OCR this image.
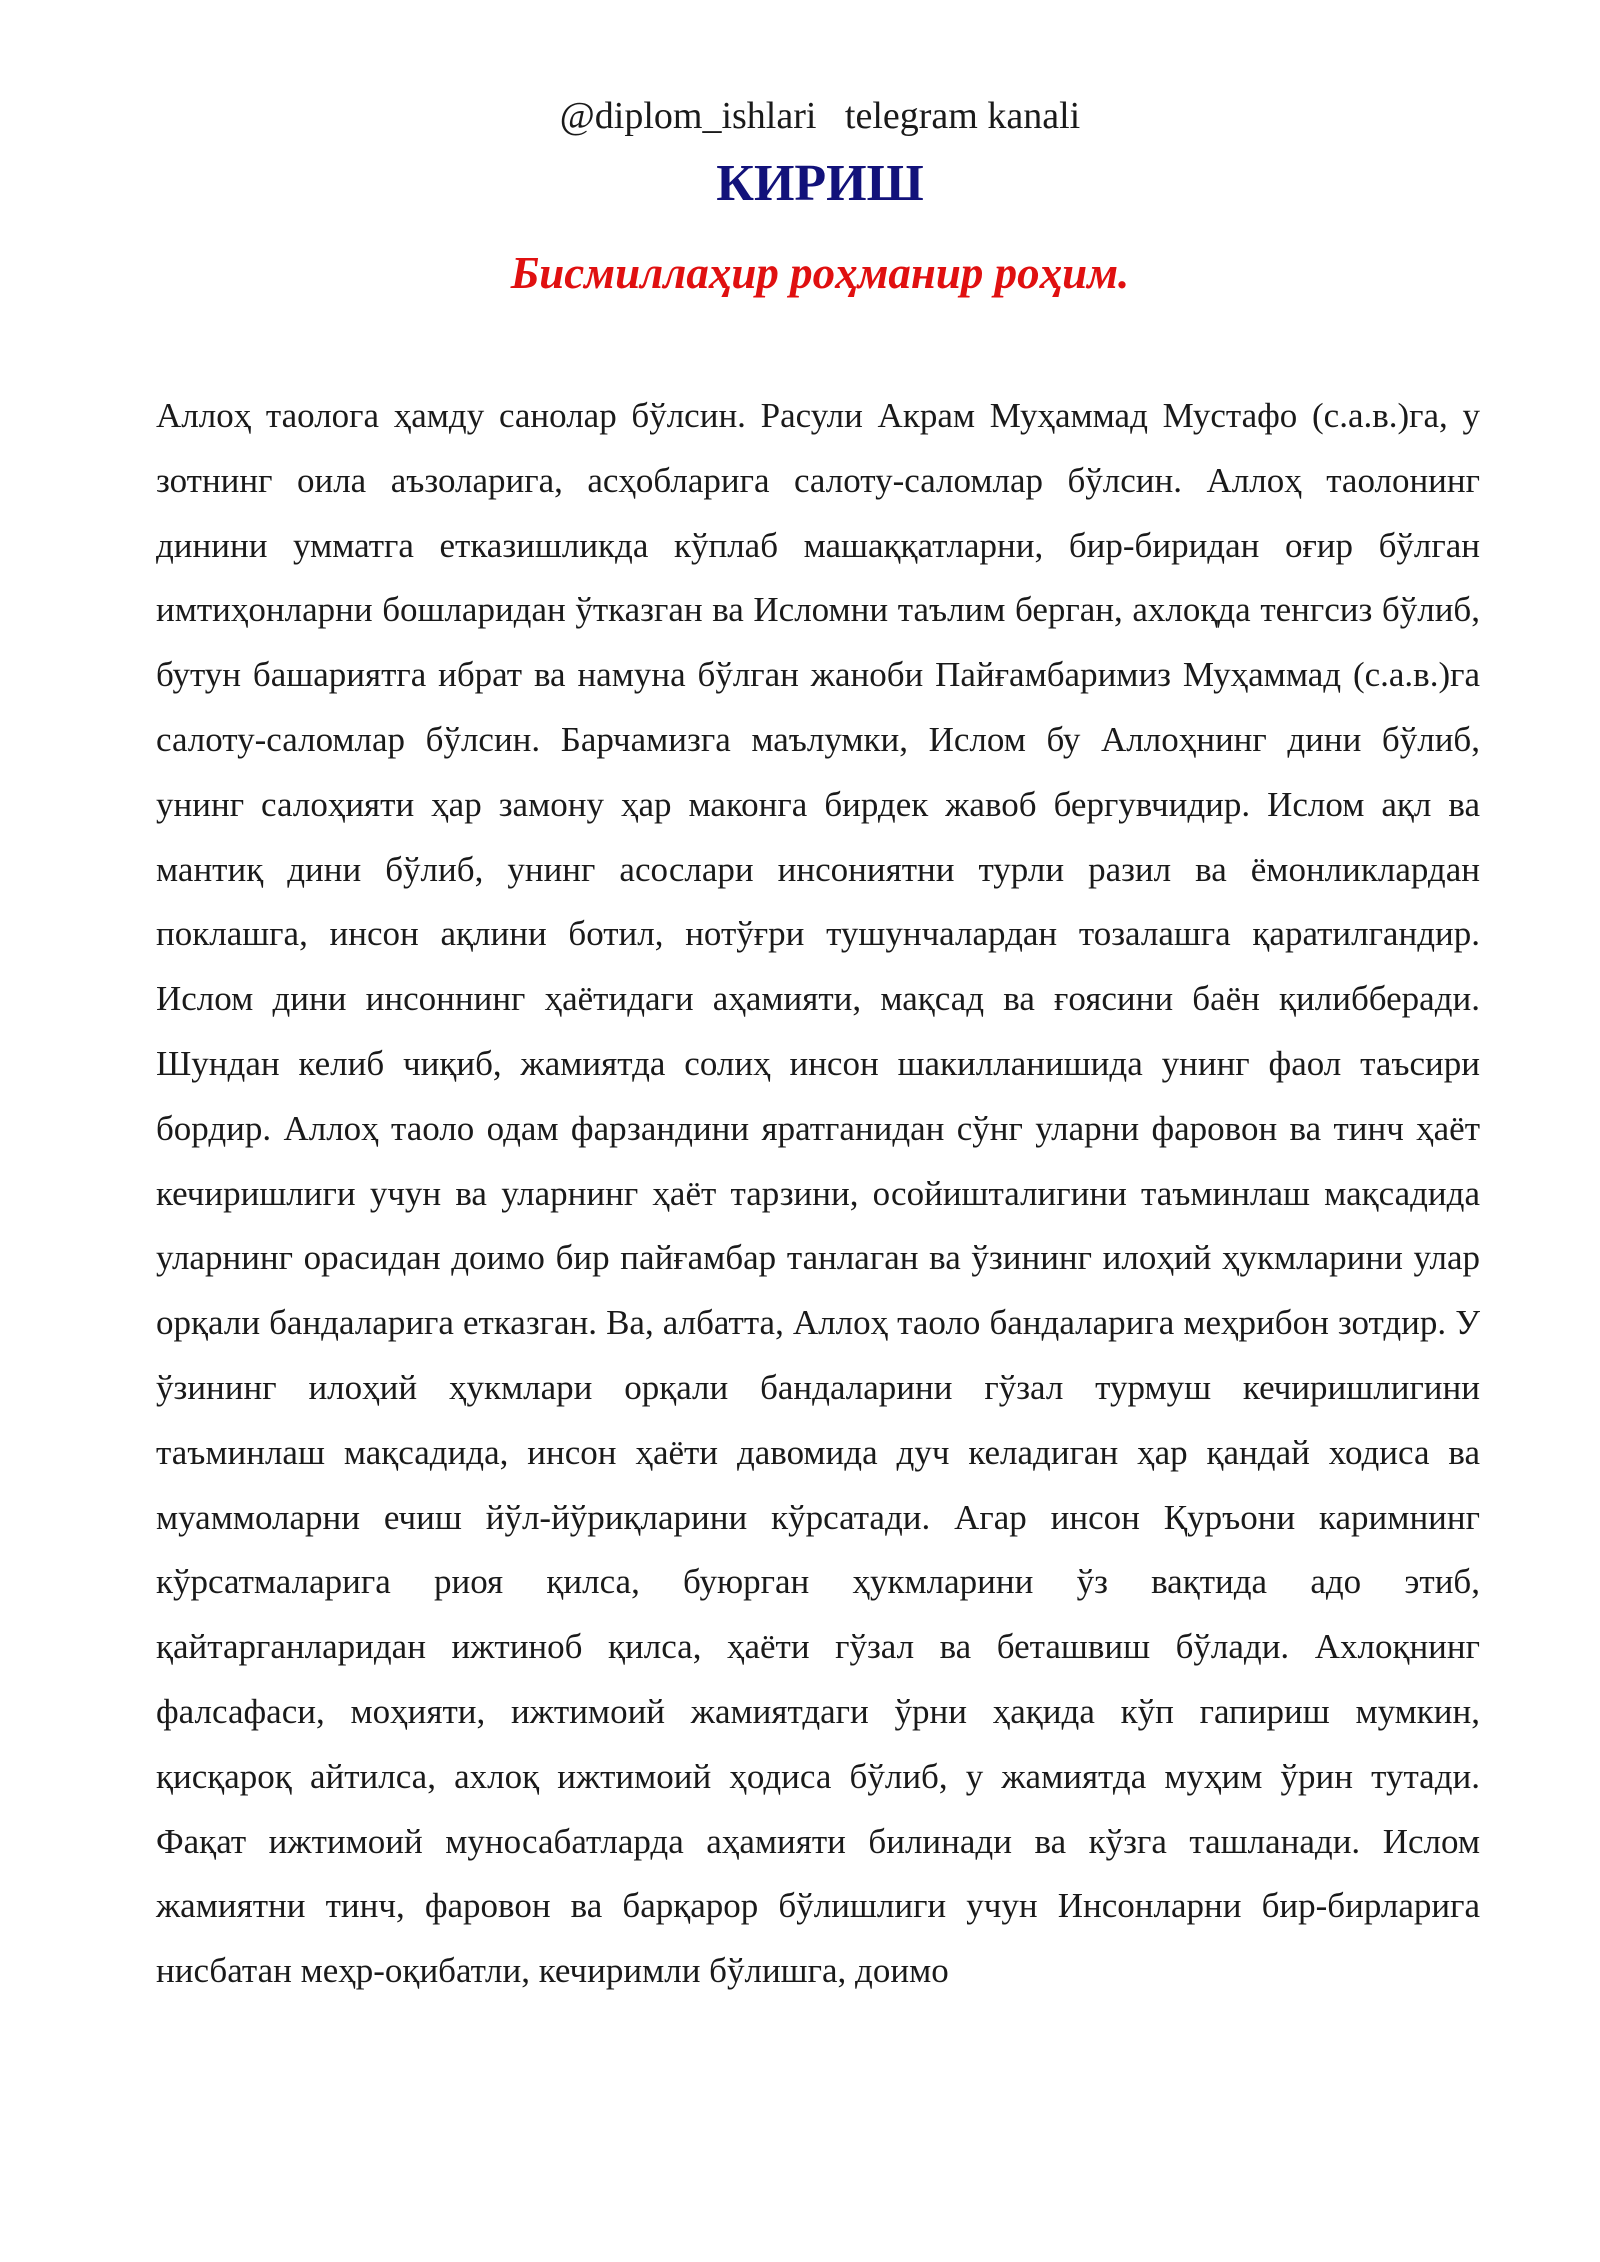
@diplom_ishlari   telegram kanali
КИРИШ
Бисмиллаҳир роҳманир роҳим.

Аллоҳ таолога ҳамду санолар бўлсин. Расули Акрам Муҳаммад Мустафо (с.а.в.)га, у зотнинг оила аъзоларига, асҳобларига салоту-саломлар бўлсин. Аллоҳ таолонинг динини умматга етказишликда кўплаб машаққатларни, бир-биридан оғир бўлган имтиҳонларни бошларидан ўтказган ва Исломни таълим берган, ахлоқда тенгсиз бўлиб, бутун башариятга ибрат ва намуна бўлган жаноби Пайғамбаримиз Муҳаммад (с.а.в.)га салоту-саломлар бўлсин. Барчамизга маълумки, Ислом бу Аллоҳнинг дини бўлиб, унинг салоҳияти ҳар замону ҳар маконга бирдек жавоб бергувчидир. Ислом ақл ва мантиқ дини бўлиб, унинг асослари инсониятни турли разил ва ёмонликлардан поклашга, инсон ақлини ботил, нотўғри тушунчалардан тозалашга қаратилгандир. Ислом дини инсоннинг ҳаётидаги аҳамияти, мақсад ва ғоясини баён қилибберади. Шундан келиб чиқиб, жамиятда солиҳ инсон шакилланишида унинг фаол таъсири бордир. Аллоҳ таоло одам фарзандини яратганидан сўнг уларни фаровон ва тинч ҳаёт кечиришлиги учун ва уларнинг ҳаёт тарзини, осойишталигини таъминлаш мақсадида уларнинг орасидан доимо бир пайғамбар танлаган ва ўзининг илоҳий ҳукмларини улар орқали бандаларига етказган. Ва, албатта, Аллоҳ таоло бандаларига меҳрибон зотдир. У ўзининг илоҳий ҳукмлари орқали бандаларини гўзал турмуш кечиришлигини таъминлаш мақсадида, инсон ҳаёти давомида дуч келадиган ҳар қандай ходиса ва муаммоларни ечиш йўл-йўриқларини кўрсатади. Агар инсон Қуръони каримнинг кўрсатмаларига риоя қилса, буюрган ҳукмларини ўз вақтида адо этиб, қайтарганларидан ижтиноб қилса, ҳаёти гўзал ва беташвиш бўлади. Ахлоқнинг фалсафаси, моҳияти, ижтимоий жамиятдаги ўрни ҳақида кўп гапириш мумкин, қисқароқ айтилса, ахлоқ ижтимоий ҳодиса бўлиб, у жамиятда муҳим ўрин тутади. Фақат ижтимоий муносабатларда аҳамияти билинади ва кўзга ташланади. Ислом жамиятни тинч, фаровон ва барқарор бўлишлиги учун Инсонларни бир-бирларига нисбатан меҳр-оқибатли, кечиримли бўлишга, доимо
